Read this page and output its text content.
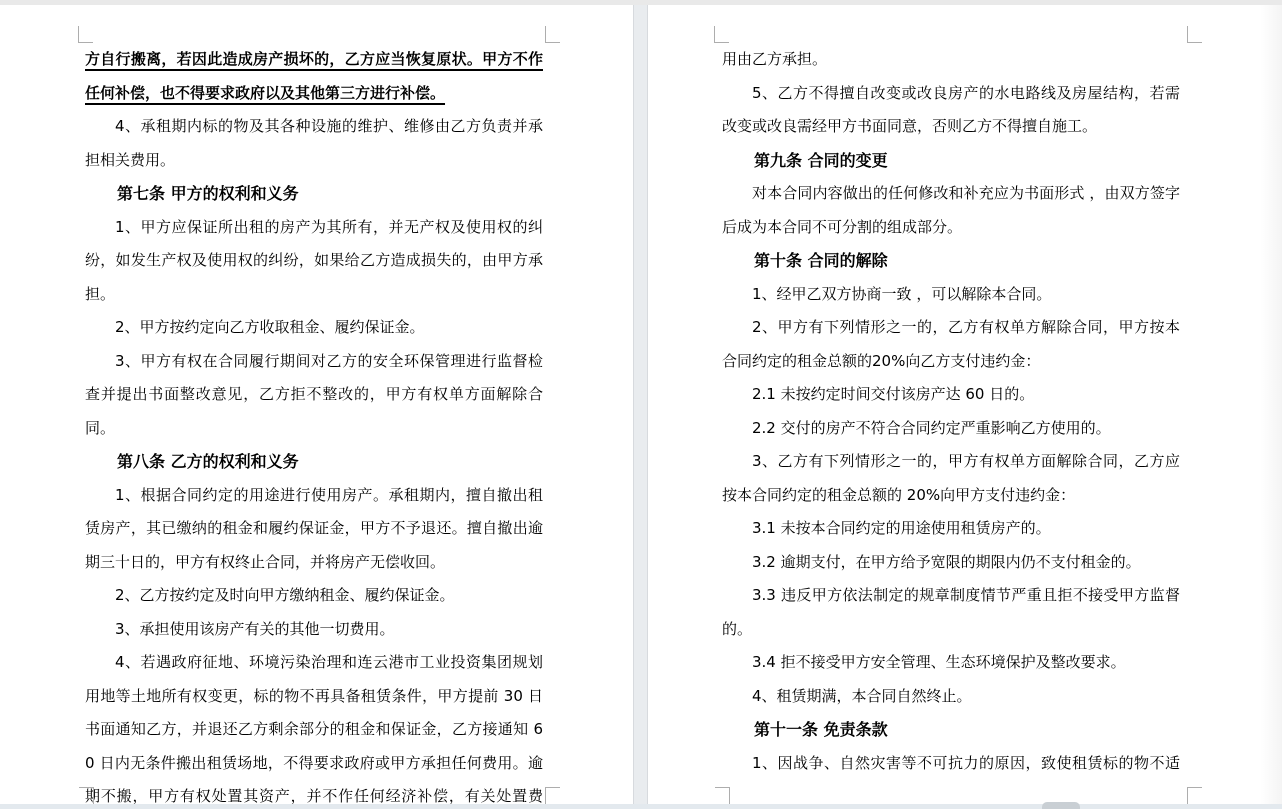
方自行搬离，若因此造成房产损坏的，乙方应当恢复原状。甲方不作任何补偿，也不得要求政府以及其他第三方进行补偿。

4、承租期内标的物及其各种设施的维护、维修由乙方负责并承担相关费用。

第七条 甲方的权利和义务

1、甲方应保证所出租的房产为其所有，并无产权及使用权的纠纷，如发生产权及使用权的纠纷，如果给乙方造成损失的，由甲方承担。

2、甲方按约定向乙方收取租金、履约保证金。

3、甲方有权在合同履行期间对乙方的安全环保管理进行监督检查并提出书面整改意见，乙方拒不整改的，甲方有权单方面解除合同。

第八条 乙方的权利和义务

1、根据合同约定的用途进行使用房产。承租期内，擅自撤出租赁房产，其已缴纳的租金和履约保证金，甲方不予退还。擅自撤出逾期三十日的，甲方有权终止合同，并将房产无偿收回。

2、乙方按约定及时向甲方缴纳租金、履约保证金。

3、承担使用该房产有关的其他一切费用。

4、若遇政府征地、环境污染治理和连云港市工业投资集团规划用地等土地所有权变更，标的物不再具备租赁条件，甲方提前 30 日书面通知乙方，并退还乙方剩余部分的租金和保证金，乙方接通知 60 日内无条件搬出租赁场地，不得要求政府或甲方承担任何费用。逾期不搬，甲方有权处置其资产，并不作任何经济补偿，有关处置费

用由乙方承担。

5、乙方不得擅自改变或改良房产的水电路线及房屋结构，若需改变或改良需经甲方书面同意，否则乙方不得擅自施工。

第九条 合同的变更

对本合同内容做出的任何修改和补充应为书面形式 ，由双方签字后成为本合同不可分割的组成部分。

第十条 合同的解除

1、经甲乙双方协商一致 ，可以解除本合同。

2、甲方有下列情形之一的，乙方有权单方解除合同，甲方按本合同约定的租金总额的20%向乙方支付违约金：

2.1 未按约定时间交付该房产达 60 日的。

2.2 交付的房产不符合合同约定严重影响乙方使用的。

3、乙方有下列情形之一的，甲方有权单方面解除合同，乙方应按本合同约定的租金总额的 20%向甲方支付违约金：

3.1 未按本合同约定的用途使用租赁房产的。

3.2 逾期支付，在甲方给予宽限的期限内仍不支付租金的。

3.3 违反甲方依法制定的规章制度情节严重且拒不接受甲方监督的。

3.4 拒不接受甲方安全管理、生态环境保护及整改要求。

4、租赁期满，本合同自然终止。

第十一条 免责条款

1、因战争、自然灾害等不可抗力的原因，致使租赁标的物不适
